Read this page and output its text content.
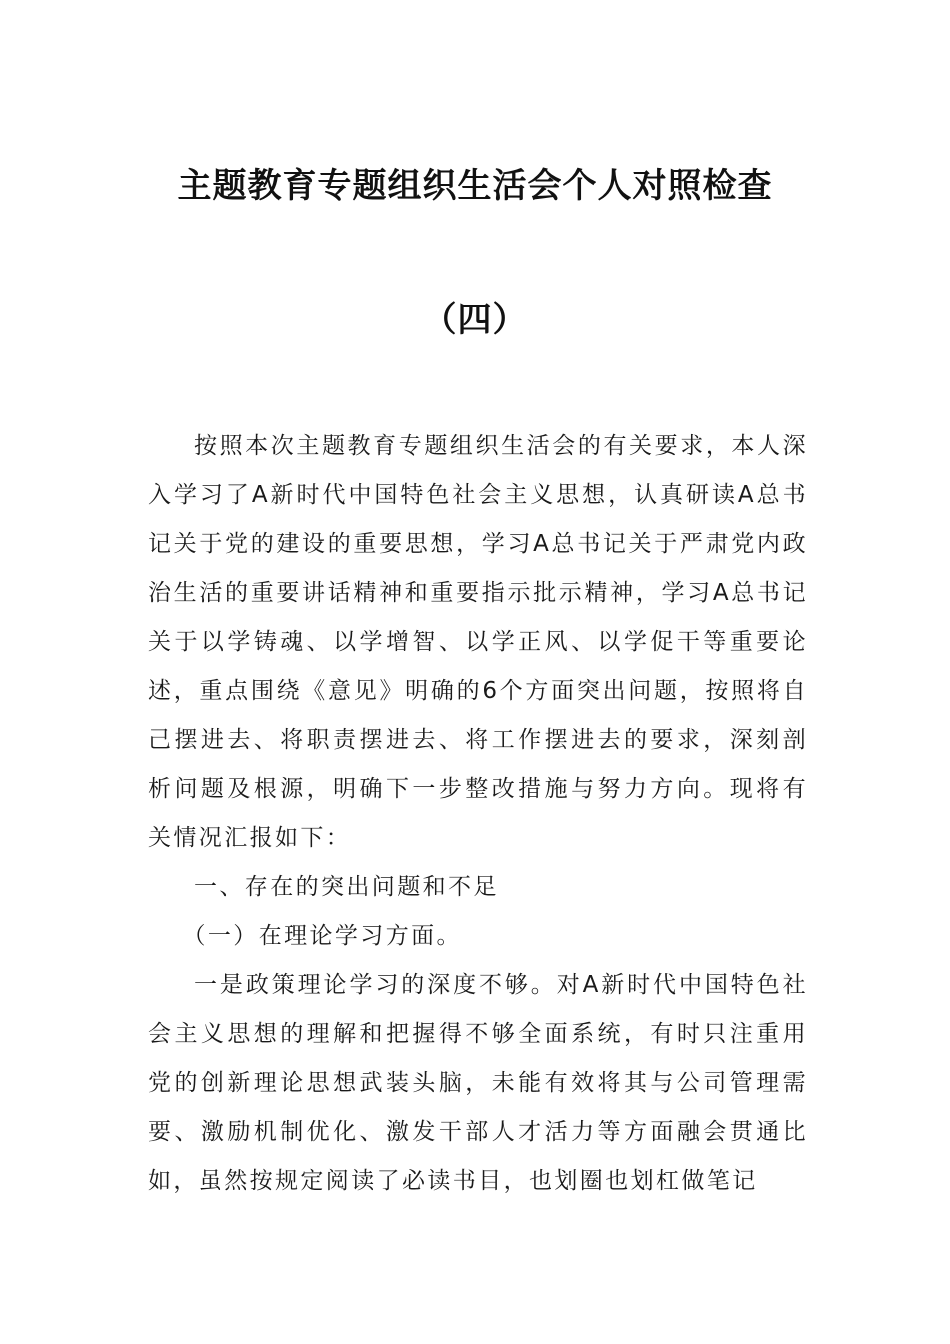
主题教育专题组织生活会个人对照检查
（四）

按照本次主题教育专题组织生活会的有关要求，本人深入学习了A新时代中国特色社会主义思想，认真研读A总书记关于党的建设的重要思想，学习A总书记关于严肃党内政治生活的重要讲话精神和重要指示批示精神，学习A总书记关于以学铸魂、以学增智、以学正风、以学促干等重要论述，重点围绕《意见》明确的6个方面突出问题，按照将自己摆进去、将职责摆进去、将工作摆进去的要求，深刻剖析问题及根源，明确下一步整改措施与努力方向。现将有关情况汇报如下：

一、存在的突出问题和不足

（一）在理论学习方面。

一是政策理论学习的深度不够。对A新时代中国特色社会主义思想的理解和把握得不够全面系统，有时只注重用党的创新理论思想武装头脑，未能有效将其与公司管理需要、激励机制优化、激发干部人才活力等方面融会贯通比如，虽然按规定阅读了必读书目，也划圈也划杠做笔记
